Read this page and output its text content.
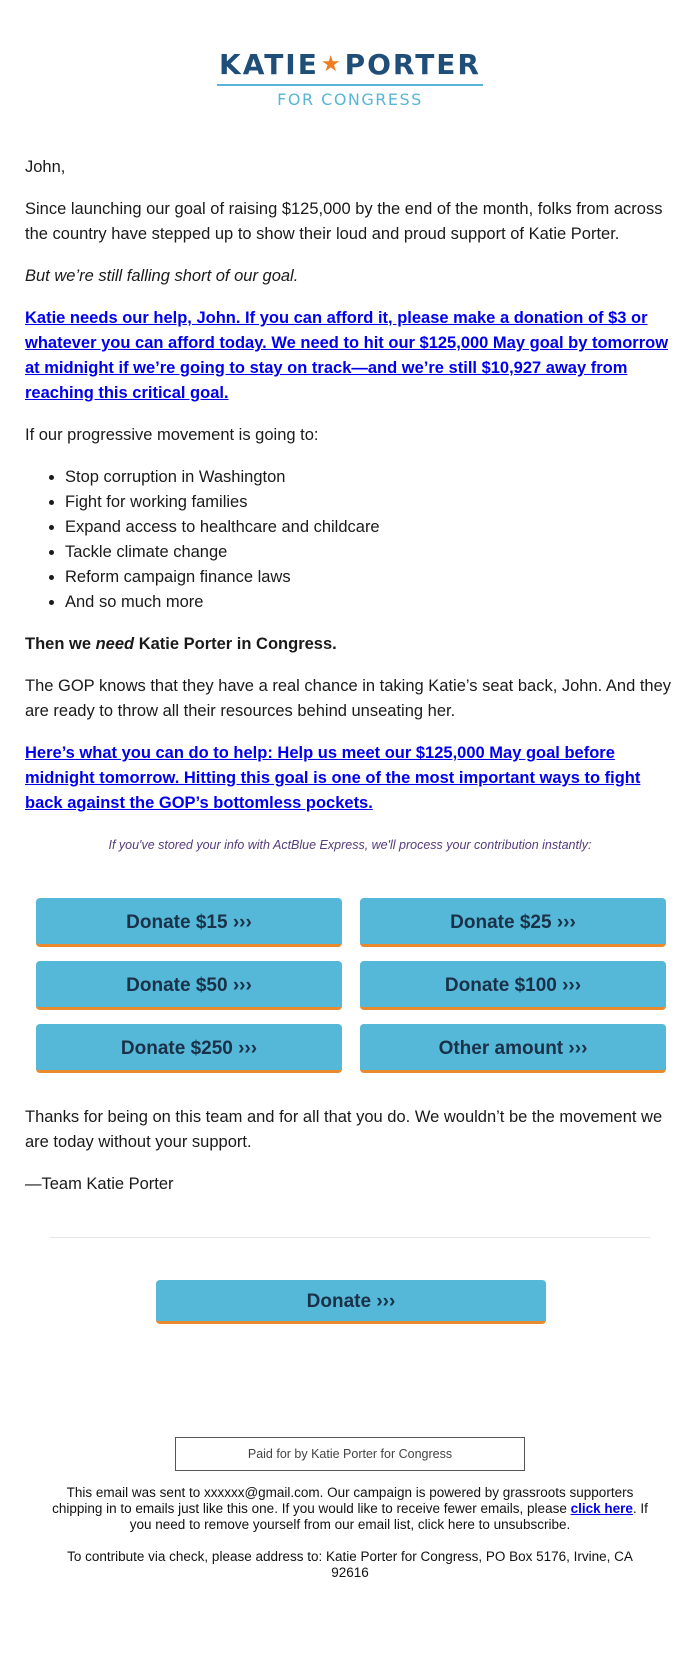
KATIE★PORTER
FOR CONGRESS

John,

Since launching our goal of raising $125,000 by the end of the month, folks from across the country have stepped up to show their loud and proud support of Katie Porter.

But we’re still falling short of our goal.

Katie needs our help, John. If you can afford it, please make a donation of $3 or whatever you can afford today. We need to hit our $125,000 May goal by tomorrow at midnight if we’re going to stay on track—and we’re still $10,927 away from reaching this critical goal.

If our progressive movement is going to:

• Stop corruption in Washington
• Fight for working families
• Expand access to healthcare and childcare
• Tackle climate change
• Reform campaign finance laws
• And so much more

Then we need Katie Porter in Congress.

The GOP knows that they have a real chance in taking Katie’s seat back, John. And they are ready to throw all their resources behind unseating her.

Here’s what you can do to help: Help us meet our $125,000 May goal before midnight tomorrow. Hitting this goal is one of the most important ways to fight back against the GOP’s bottomless pockets.

If you've stored your info with ActBlue Express, we'll process your contribution instantly:

Donate $15 ›››	Donate $25 ›››
Donate $50 ›››	Donate $100 ›››
Donate $250 ›››	Other amount ›››

Thanks for being on this team and for all that you do. We wouldn’t be the movement we are today without your support.

—Team Katie Porter

Donate ›››
Paid for by Katie Porter for Congress

This email was sent to xxxxxx@gmail.com. Our campaign is powered by grassroots supporters chipping in to emails just like this one. If you would like to receive fewer emails, please click here. If you need to remove yourself from our email list, click here to unsubscribe.

To contribute via check, please address to: Katie Porter for Congress, PO Box 5176, Irvine, CA 92616
